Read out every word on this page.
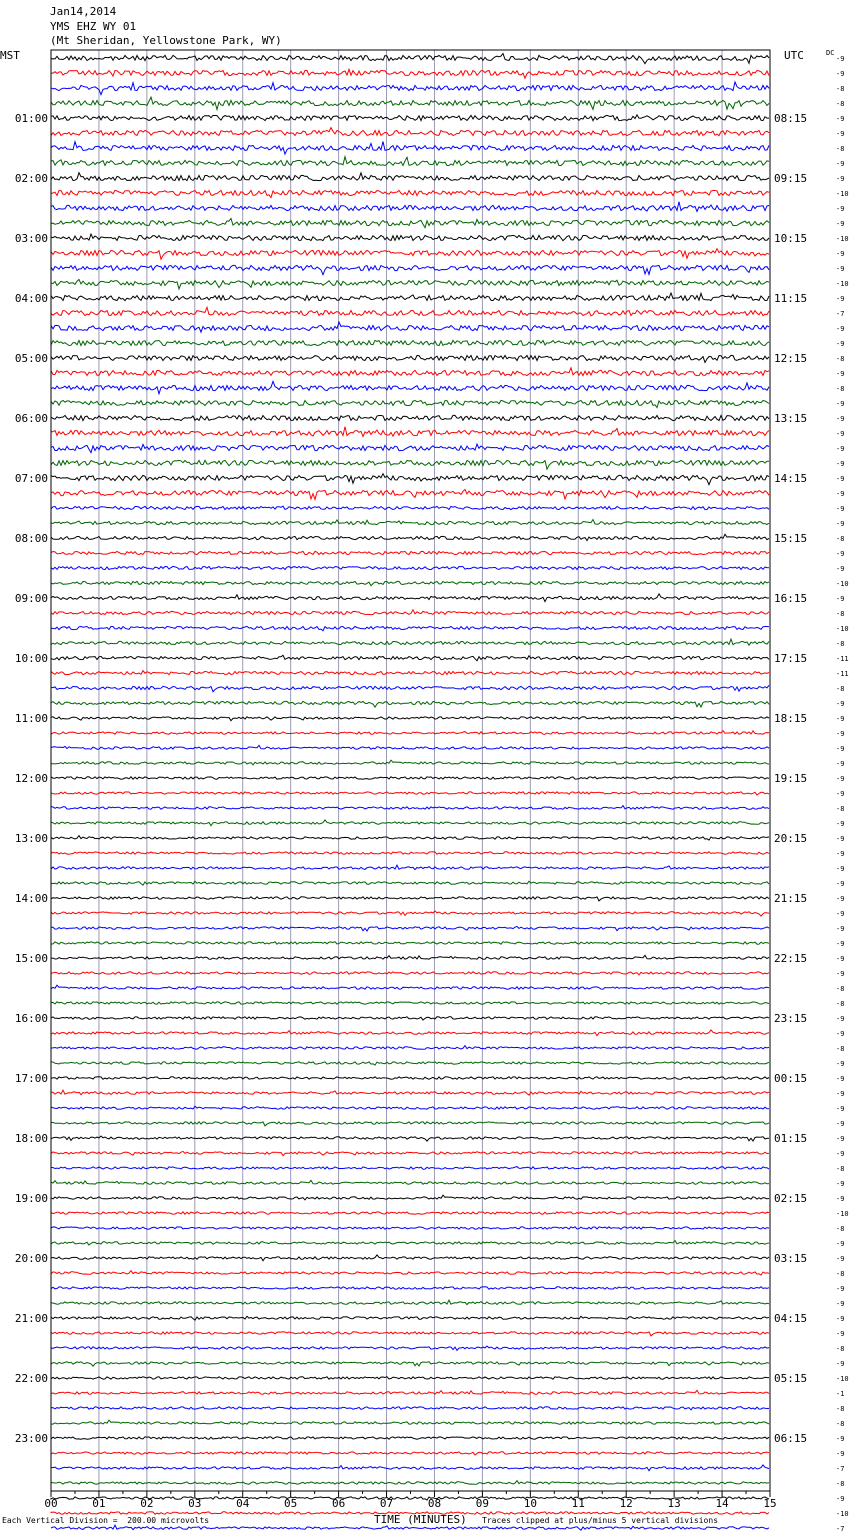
00	01	02	03	04	05	06	07	08	09	10	11	12	13	14	15
01:00
02:00
03:00
04:00
05:00
06:00
07:00
08:00
09:00
10:00
11:00
12:00
13:00
14:00
15:00
16:00
17:00
18:00
19:00
20:00
21:00
22:00
23:00
08:15
09:15
10:15
11:15
12:15
13:15
14:15
15:15
16:15
17:15
18:15
19:15
20:15
21:15
22:15
23:15
00:15
01:15
02:15
03:15
04:15
05:15
06:15
-9
-9
-8
-8
-9
-9
-8
-9
-9
-10
-9
-9
-10
-9
-9
-10
-9
-7
-9
-9
-8
-9
-8
-9
-9
-9
-9
-9
-9
-9
-9
-9
-8
-9
-9
-10
-9
-8
-10
-8
-11
-11
-8
-9
-9
-9
-9
-9
-9
-9
-8
-9
-9
-9
-9
-9
-9
-9
-9
-9
-9
-9
-8
-8
-9
-9
-8
-9
-9
-9
-9
-9
-9
-9
-8
-9
-9
-10
-8
-9
-9
-8
-9
-9
-9
-9
-8
-9
-10
-1
-8
-8
-9
-9
-7
-8
-9
-10
-7
Jan14,2014
YMS EHZ WY 01
(Mt Sheridan, Yellowstone Park, WY)
MST	UTC	DC
TIME (MINUTES)
Each Vertical Division =  200.00 microvolts	Traces clipped at plus/minus 5 vertical divisions
